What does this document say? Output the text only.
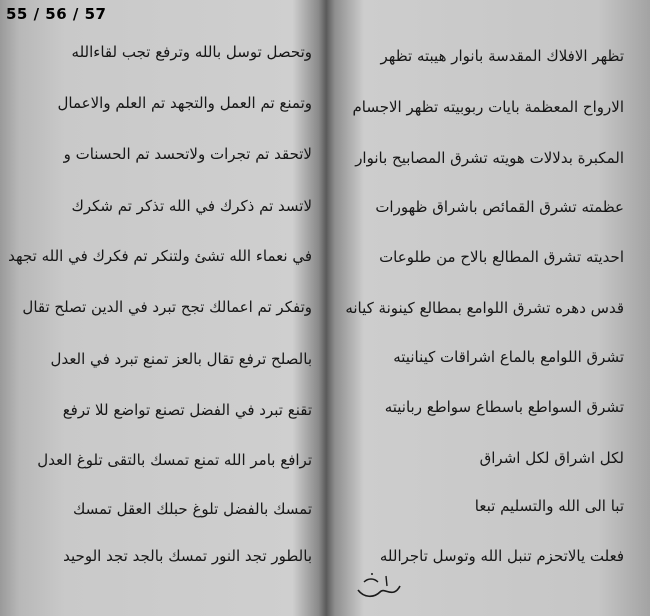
55 / 56 / 57
وتحصل توسل بالله وترفع تجب لقاءالله
وتمنع تم العمل والتجهد تم العلم والاعمال
لاتحقد تم تجرات ولاتحسد تم الحسنات و
لاتسد تم ذكرك في الله تذكر تم شكرك
في نعماء الله تشئ ولتنكر تم فكرك في الله تجهد
وتفكر تم اعمالك تجح تبرد في الدين تصلح تقال
بالصلح ترفع تقال بالعز تمنع تبرد في العدل
تقنع تبرد في الفضل تصنع تواضع للا ترفع
ترافع بامر الله تمنع تمسك بالتقى تلوغ العدل
تمسك بالفضل تلوغ حبلك العقل تمسك
بالطور تجد النور تمسك بالجد تجد الوحيد
تظهر الافلاك المقدسة بانوار هيبته تظهر
الارواح المعظمة بايات ربوبيته تظهر الاجسام
المكبرة بدلالات هويته تشرق المصابيح بانوار
عظمته تشرق القمائص باشراق ظهورات
احديته تشرق المطالع بالاح من طلوعات
قدس دهره تشرق اللوامع بمطالع كينونة كيانه
تشرق اللوامع بالماع اشراقات كينانيته
تشرق السواطع باسطاع سواطع ربانيته
لكل اشراق لكل اشراق
تبا الى الله والتسليم تبعا
فعلت يالاتحزم تنبل الله وتوسل تاجرالله
